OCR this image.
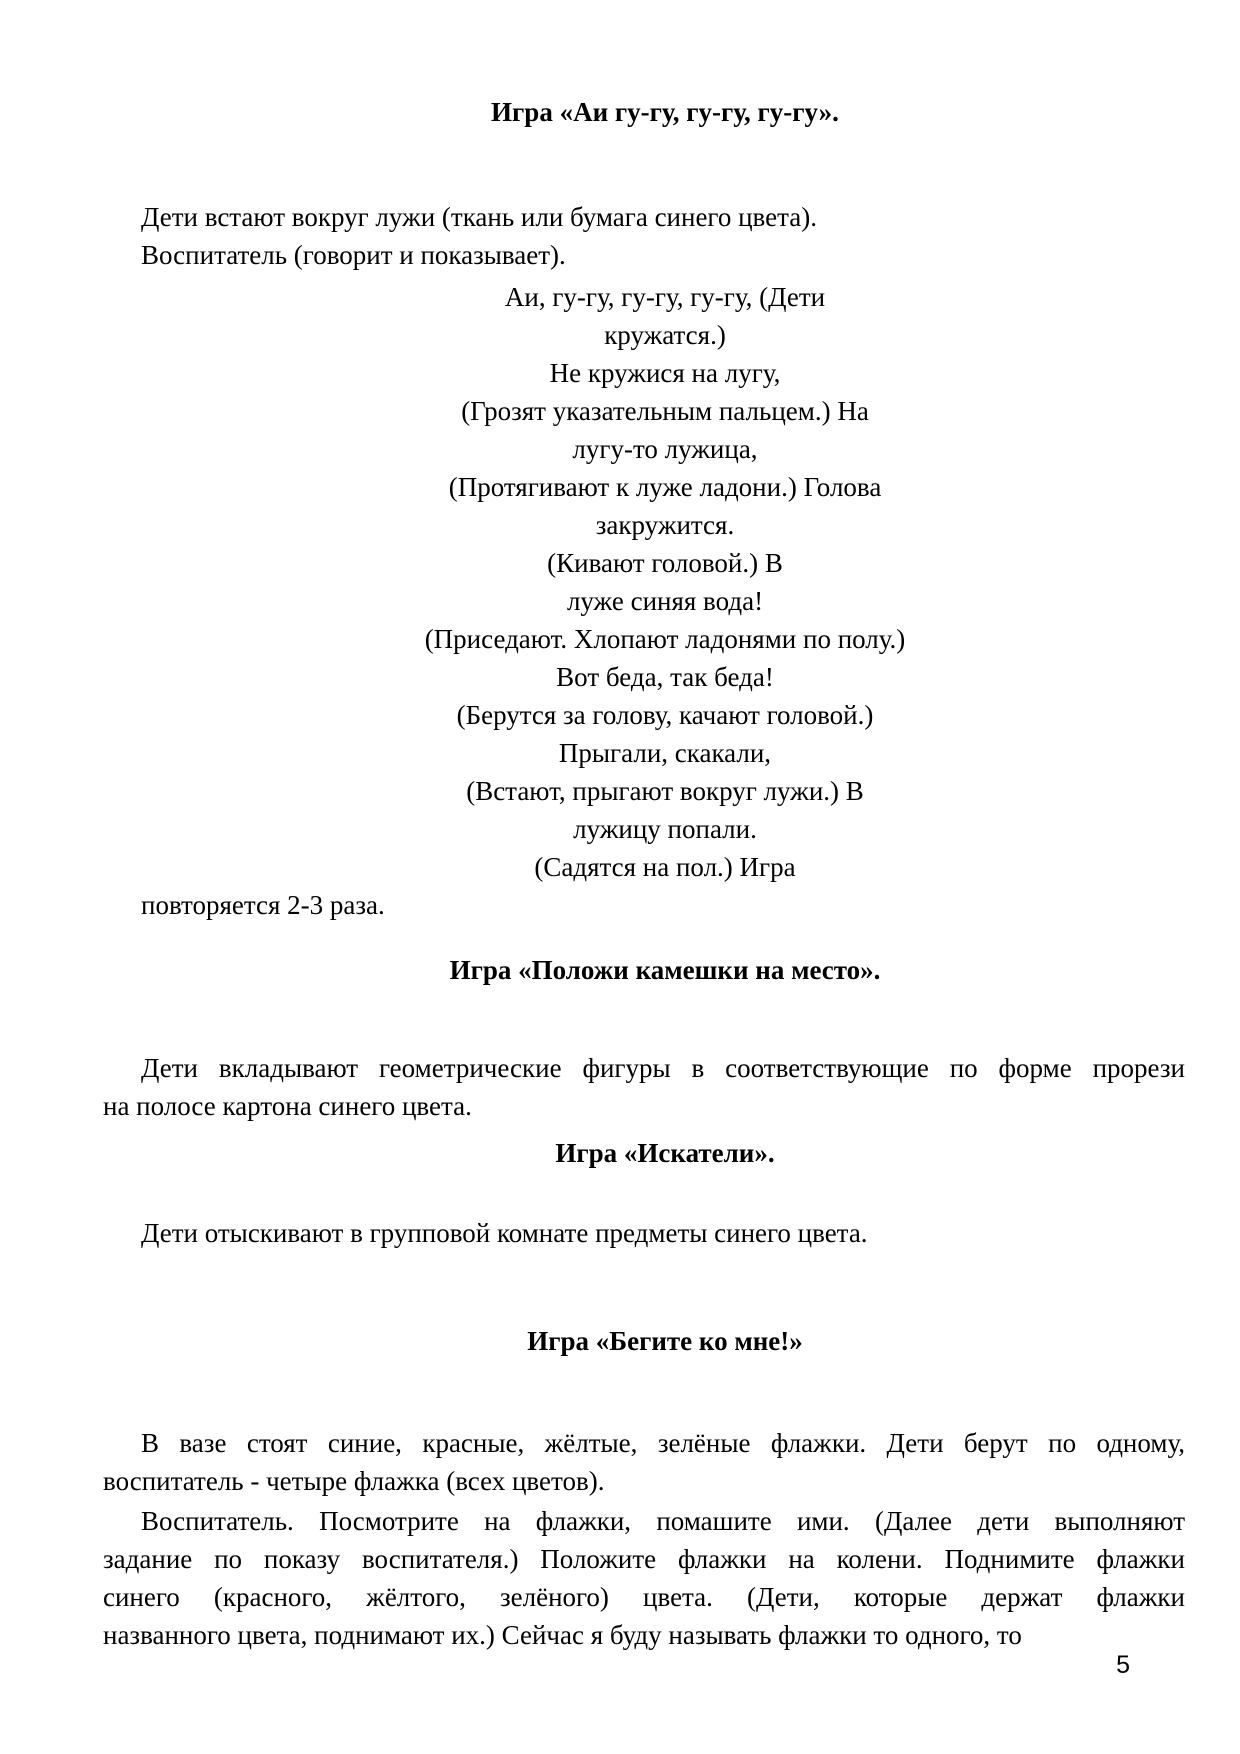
Игра «Аи гу-гу, гу-гу, гу-гу».
Дети встают вокруг лужи (ткань или бумага синего цвета).
Воспитатель (говорит и показывает).
Аи, гу-гу, гу-гу, гу-гу, (Дети
кружатся.)
Не кружися на лугу,
(Грозят указательным пальцем.) На
лугу-то лужица,
(Протягивают к луже ладони.) Голова
закружится.
(Кивают головой.) В
луже синяя вода!
(Приседают. Хлопают ладонями по полу.)
Вот беда, так беда!
(Берутся за голову, качают головой.)
Прыгали, скакали,
(Встают, прыгают вокруг лужи.) В
лужицу попали.
(Садятся на пол.) Игра
повторяется 2-3 раза.
Игра «Положи камешки на место».
Дети вкладывают геометрические фигуры в соответствующие по форме прорези
на полосе картона синего цвета.
Игра «Искатели».
Дети отыскивают в групповой комнате предметы синего цвета.
Игра «Бегите ко мне!»
В вазе стоят синие, красные, жёлтые, зелёные флажки. Дети берут по одному,
воспитатель - четыре флажка (всех цветов).
Воспитатель. Посмотрите на флажки, помашите ими. (Далее дети выполняют
задание по показу воспитателя.) Положите флажки на колени. Поднимите флажки
синего (красного, жёлтого, зелёного) цвета. (Дети, которые держат флажки
названного цвета, поднимают их.) Сейчас я буду называть флажки то одного, то
5
